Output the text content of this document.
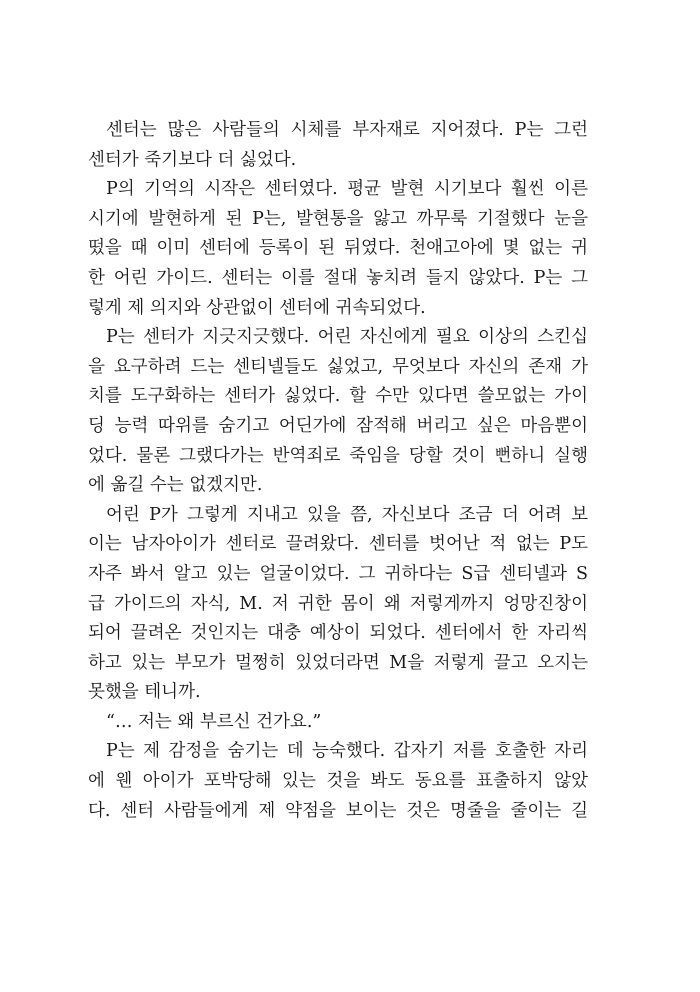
센터는 많은 사람들의 시체를 부자재로 지어졌다. P는 그런
센터가 죽기보다 더 싫었다.
P의 기억의 시작은 센터였다. 평균 발현 시기보다 훨씬 이른
시기에 발현하게 된 P는, 발현통을 앓고 까무룩 기절했다 눈을
떴을 때 이미 센터에 등록이 된 뒤였다. 천애고아에 몇 없는 귀
한 어린 가이드. 센터는 이를 절대 놓치려 들지 않았다. P는 그
렇게 제 의지와 상관없이 센터에 귀속되었다.
P는 센터가 지긋지긋했다. 어린 자신에게 필요 이상의 스킨십
을 요구하려 드는 센티넬들도 싫었고, 무엇보다 자신의 존재 가
치를 도구화하는 센터가 싫었다. 할 수만 있다면 쓸모없는 가이
딩 능력 따위를 숨기고 어딘가에 잠적해 버리고 싶은 마음뿐이
었다. 물론 그랬다가는 반역죄로 죽임을 당할 것이 뻔하니 실행
에 옮길 수는 없겠지만.
어린 P가 그렇게 지내고 있을 쯤, 자신보다 조금 더 어려 보
이는 남자아이가 센터로 끌려왔다. 센터를 벗어난 적 없는 P도
자주 봐서 알고 있는 얼굴이었다. 그 귀하다는 S급 센티넬과 S
급 가이드의 자식, M. 저 귀한 몸이 왜 저렇게까지 엉망진창이
되어 끌려온 것인지는 대충 예상이 되었다. 센터에서 한 자리씩
하고 있는 부모가 멀쩡히 있었더라면 M을 저렇게 끌고 오지는
못했을 테니까.
“… 저는 왜 부르신 건가요.”
P는 제 감정을 숨기는 데 능숙했다. 갑자기 저를 호출한 자리
에 웬 아이가 포박당해 있는 것을 봐도 동요를 표출하지 않았
다. 센터 사람들에게 제 약점을 보이는 것은 명줄을 줄이는 길
